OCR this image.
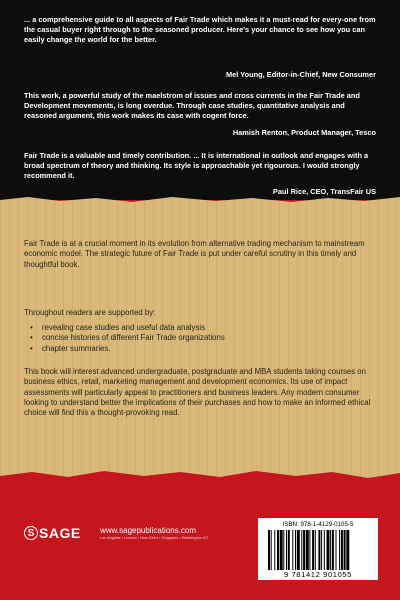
... a comprehensive guide to all aspects of Fair Trade which makes it a must-read for every-one from the casual buyer right through to the seasoned producer. Here's your chance to see how you can easily change the world for the better.

Mel Young, Editor-in-Chief, New Consumer

This work, a powerful study of the maelstrom of issues and cross currents in the Fair Trade and Development movements, is long overdue. Through case studies, quantitative analysis and reasoned argument, this work makes its case with cogent force.

Hamish Renton, Product Manager, Tesco

Fair Trade is a valuable and timely contribution. ... It is international in outlook and engages with a broad spectrum of theory and thinking. Its style is approachable yet rigourous. I would strongly recommend it.

Paul Rice, CEO, TransFair US

Fair Trade is at a crucial moment in its evolution from alternative trading mechanism to mainstream economic model. The strategic future of Fair Trade is put under careful scrutiny in this timely and thoughtful book.

Throughout readers are supported by:

• revealing case studies and useful data analysis
• concise histories of different Fair Trade organizations
• chapter summaries.

This book will interest advanced undergraduate, postgraduate and MBA students taking courses on business ethics, retail, marketing management and development economics. Its use of impact assessments will particularly appeal to practitioners and business leaders. Any modern consumer looking to understand better the implications of their purchases and how to make an informed ethical choice will find this a thought-provoking read.

S SAGE www.sagepublications.com
Los Angeles • London • New Delhi • Singapore • Washington DC
ISBN: 978-1-4129-0105-5
9 781412 901055
